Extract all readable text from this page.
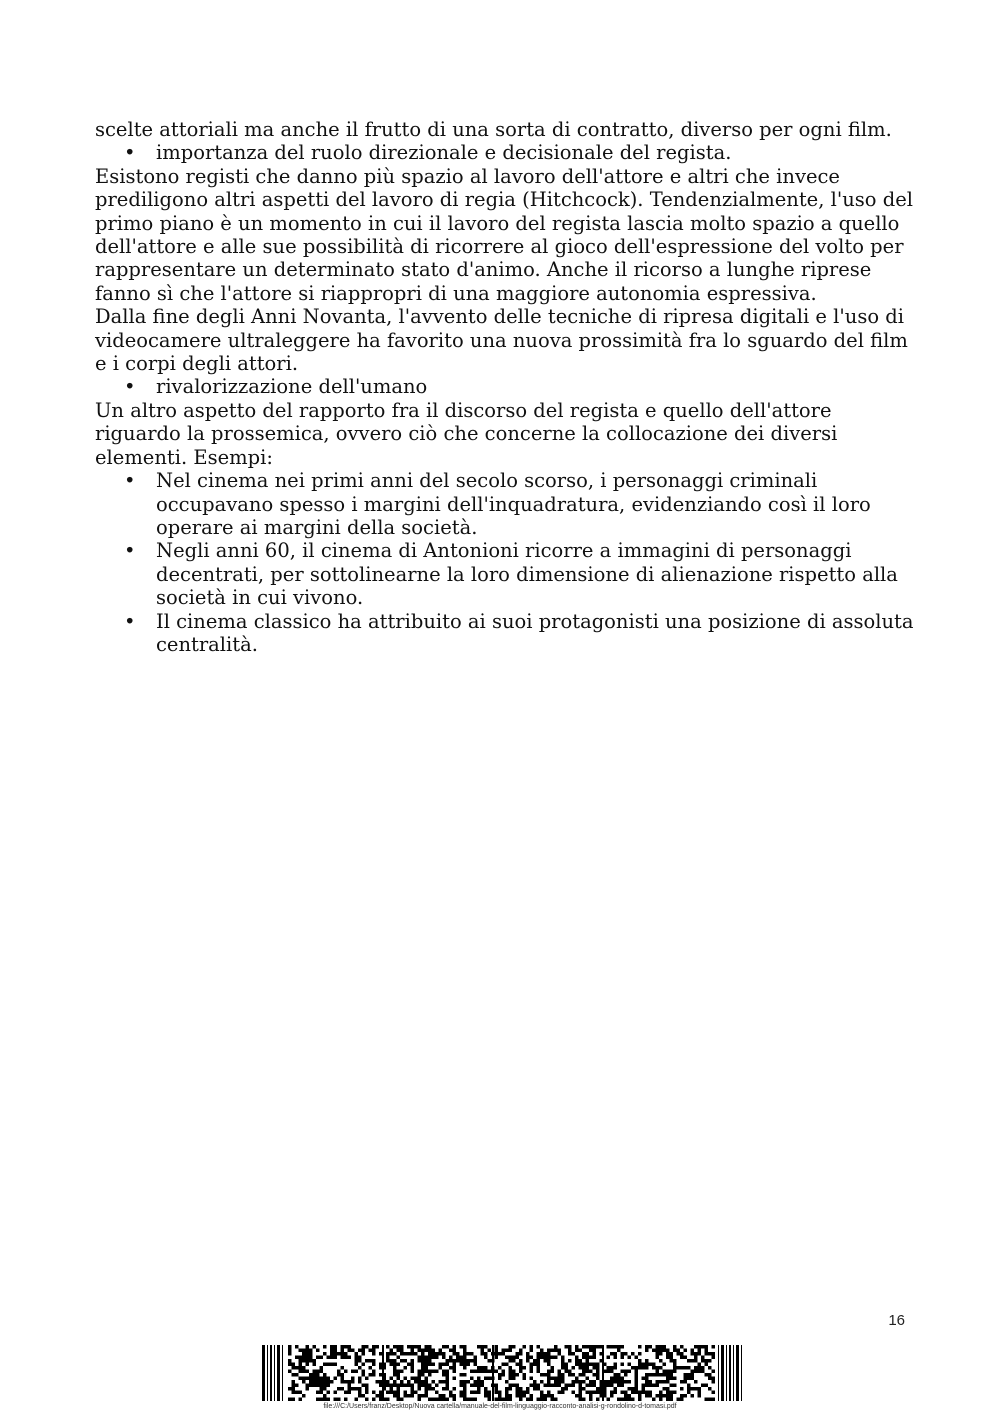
scelte attoriali ma anche il frutto di una sorta di contratto, diverso per ogni film.

• importanza del ruolo direzionale e decisionale del regista.

Esistono registi che danno più spazio al lavoro dell'attore e altri che invece prediligono altri aspetti del lavoro di regia (Hitchcock). Tendenzialmente, l'uso del primo piano è un momento in cui il lavoro del regista lascia molto spazio a quello dell'attore e alle sue possibilità di ricorrere al gioco dell'espressione del volto per rappresentare un determinato stato d'animo. Anche il ricorso a lunghe riprese fanno sì che l'attore si riappropri di una maggiore autonomia espressiva.

Dalla fine degli Anni Novanta, l'avvento delle tecniche di ripresa digitali e l'uso di videocamere ultraleggere ha favorito una nuova prossimità fra lo sguardo del film e i corpi degli attori.

• rivalorizzazione dell'umano

Un altro aspetto del rapporto fra il discorso del regista e quello dell'attore riguardo la prossemica, ovvero ciò che concerne la collocazione dei diversi elementi. Esempi:

• Nel cinema nei primi anni del secolo scorso, i personaggi criminali occupavano spesso i margini dell'inquadratura, evidenziando così il loro operare ai margini della società.
• Negli anni 60, il cinema di Antonioni ricorre a immagini di personaggi decentrati, per sottolinearne la loro dimensione di alienazione rispetto alla società in cui vivono.
• Il cinema classico ha attribuito ai suoi protagonisti una posizione di assoluta centralità.
16
file:///C:/Users/franz/Desktop/Nuova cartella/manuale-del-film-linguaggio-racconto-analisi-g-rondolino-d-tomasi.pdf
